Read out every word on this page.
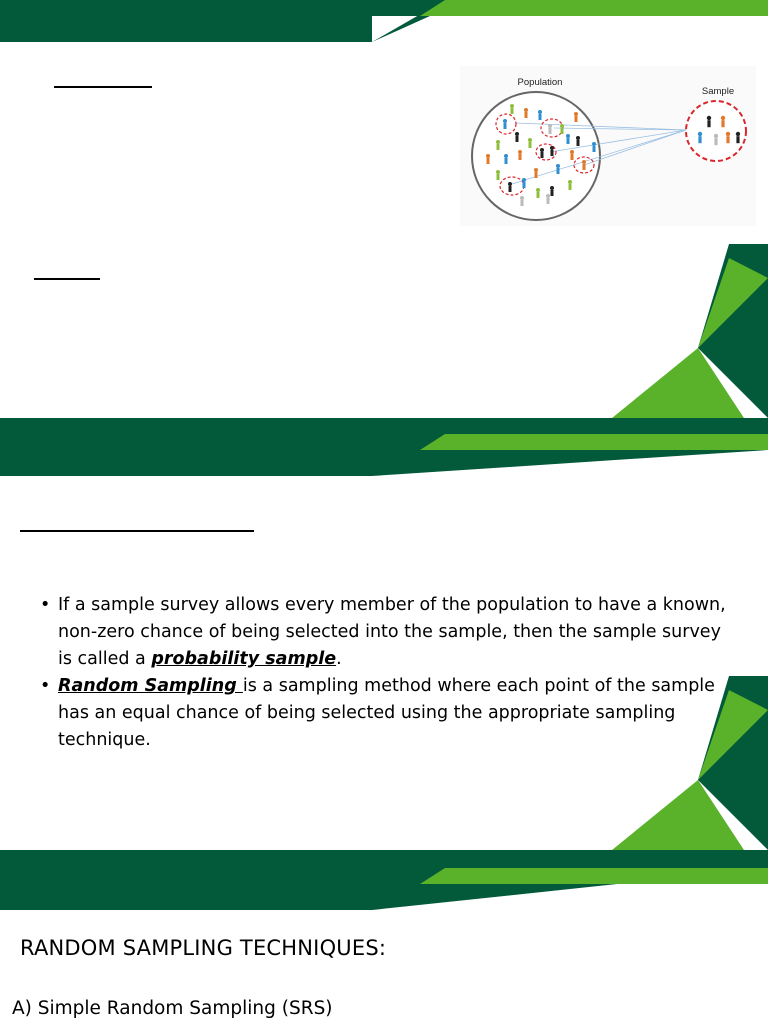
Population
Sample
• If a sample survey allows every member of the population to have a known, non-zero chance of being selected into the sample, then the sample survey is called a probability sample.
• Random Sampling is a sampling method where each point of the sample has an equal chance of being selected using the appropriate sampling technique.
RANDOM SAMPLING TECHNIQUES:
A) Simple Random Sampling (SRS)
